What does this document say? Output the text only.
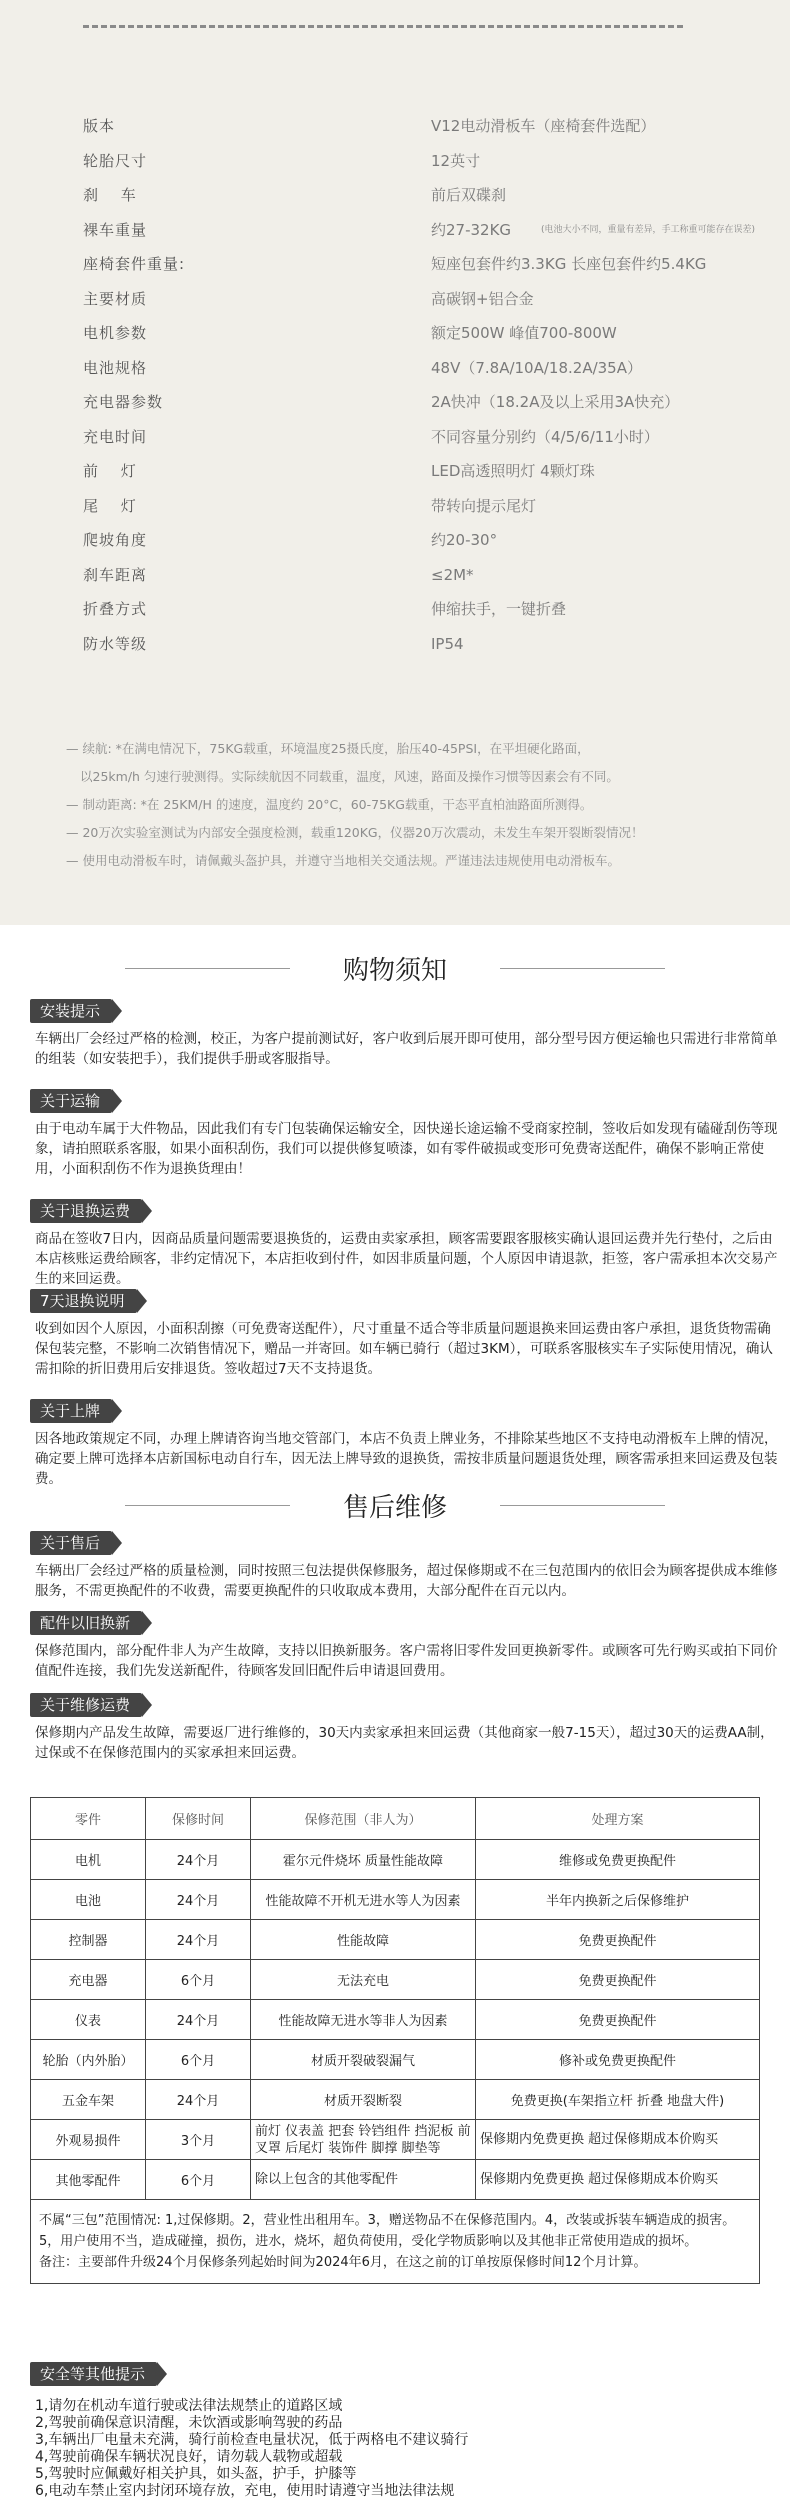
版本	V12电动滑板车（座椅套件选配）
轮胎尺寸	12英寸
刹　 车	前后双碟刹
裸车重量	约27-32KG	(电池大小不同，重量有差异，手工称重可能存在误差)
座椅套件重量:	短座包套件约3.3KG 长座包套件约5.4KG
主要材质	高碳钢+铝合金
电机参数	额定500W 峰值700-800W
电池规格	48V（7.8A/10A/18.2A/35A）
充电器参数	2A快冲（18.2A及以上采用3A快充）
充电时间	不同容量分别约（4/5/6/11小时）
前　 灯	LED高透照明灯 4颗灯珠
尾　 灯	带转向提示尾灯
爬坡角度	约20-30°
刹车距离	≤2M*
折叠方式	伸缩扶手，一键折叠
防水等级	IP54
— 续航: *在满电情况下，75KG载重，环境温度25摄氏度，胎压40-45PSI，在平坦硬化路面，
以25km/h 匀速行驶测得。实际续航因不同载重，温度，风速，路面及操作习惯等因素会有不同。
— 制动距离: *在 25KM/H 的速度，温度约 20°C，60-75KG载重，干态平直柏油路面所测得。
— 20万次实验室测试为内部安全强度检测，载重120KG，仪器20万次震动，未发生车架开裂断裂情况！
— 使用电动滑板车时，请佩戴头盔护具，并遵守当地相关交通法规。严谨违法违规使用电动滑板车。
购物须知
安装提示
车辆出厂会经过严格的检测，校正，为客户提前测试好，客户收到后展开即可使用，部分型号因方便运输也只需进行非常简单的组装（如安装把手），我们提供手册或客服指导。
关于运输
由于电动车属于大件物品，因此我们有专门包装确保运输安全，因快递长途运输不受商家控制，签收后如发现有磕碰刮伤等现象，请拍照联系客服，如果小面积刮伤，我们可以提供修复喷漆，如有零件破损或变形可免费寄送配件，确保不影响正常使用，小面积刮伤不作为退换货理由！
关于退换运费
商品在签收7日内，因商品质量问题需要退换货的，运费由卖家承担，顾客需要跟客服核实确认退回运费并先行垫付，之后由本店核账运费给顾客，非约定情况下，本店拒收到付件，如因非质量问题，个人原因申请退款，拒签，客户需承担本次交易产生的来回运费。
7天退换说明
收到如因个人原因，小面积刮擦（可免费寄送配件），尺寸重量不适合等非质量问题退换来回运费由客户承担，退货货物需确保包装完整，不影响二次销售情况下，赠品一并寄回。如车辆已骑行（超过3KM），可联系客服核实车子实际使用情况，确认需扣除的折旧费用后安排退货。签收超过7天不支持退货。
关于上牌
因各地政策规定不同，办理上牌请咨询当地交管部门，本店不负责上牌业务，不排除某些地区不支持电动滑板车上牌的情况，确定要上牌可选择本店新国标电动自行车，因无法上牌导致的退换货，需按非质量问题退货处理，顾客需承担来回运费及包装费。
售后维修
关于售后
车辆出厂会经过严格的质量检测，同时按照三包法提供保修服务，超过保修期或不在三包范围内的依旧会为顾客提供成本维修服务，不需更换配件的不收费，需要更换配件的只收取成本费用，大部分配件在百元以内。
配件以旧换新
保修范围内，部分配件非人为产生故障，支持以旧换新服务。客户需将旧零件发回更换新零件。或顾客可先行购买或拍下同价值配件连接，我们先发送新配件，待顾客发回旧配件后申请退回费用。
关于维修运费
保修期内产品发生故障，需要返厂进行维修的，30天内卖家承担来回运费（其他商家一般7-15天），超过30天的运费AA制，过保或不在保修范围内的买家承担来回运费。
零件	保修时间	保修范围（非人为）	处理方案
电机	24个月	霍尔元件烧坏 质量性能故障	维修或免费更换配件
电池	24个月	性能故障不开机无进水等人为因素	半年内换新之后保修维护
控制器	24个月	性能故障	免费更换配件
充电器	6个月	无法充电	免费更换配件
仪表	24个月	性能故障无进水等非人为因素	免费更换配件
轮胎（内外胎）	6个月	材质开裂破裂漏气	修补或免费更换配件
五金车架	24个月	材质开裂断裂	免费更换(车架指立杆 折叠 地盘大件)
外观易损件	3个月	前灯 仪表盖 把套 铃铛组件 挡泥板 前叉罩 后尾灯 装饰件 脚撑 脚垫等	保修期内免费更换 超过保修期成本价购买
其他零配件	6个月	除以上包含的其他零配件	保修期内免费更换 超过保修期成本价购买

不属“三包”范围情况: 1,过保修期。2，营业性出租用车。3，赠送物品不在保修范围内。4，改装或拆装车辆造成的损害。5，用户使用不当，造成碰撞，损伤，进水，烧坏，超负荷使用，受化学物质影响以及其他非正常使用造成的损坏。
备注：主要部件升级24个月保修条列起始时间为2024年6月，在这之前的订单按原保修时间12个月计算。			
安全等其他提示
1,请勿在机动车道行驶或法律法规禁止的道路区域
2,驾驶前确保意识清醒，未饮酒或影响驾驶的药品
3,车辆出厂电量未充满，骑行前检查电量状况，低于两格电不建议骑行
4,驾驶前确保车辆状况良好，请勿载人载物或超载
5,驾驶时应佩戴好相关护具，如头盔，护手，护膝等
6,电动车禁止室内封闭环境存放，充电，使用时请遵守当地法律法规
